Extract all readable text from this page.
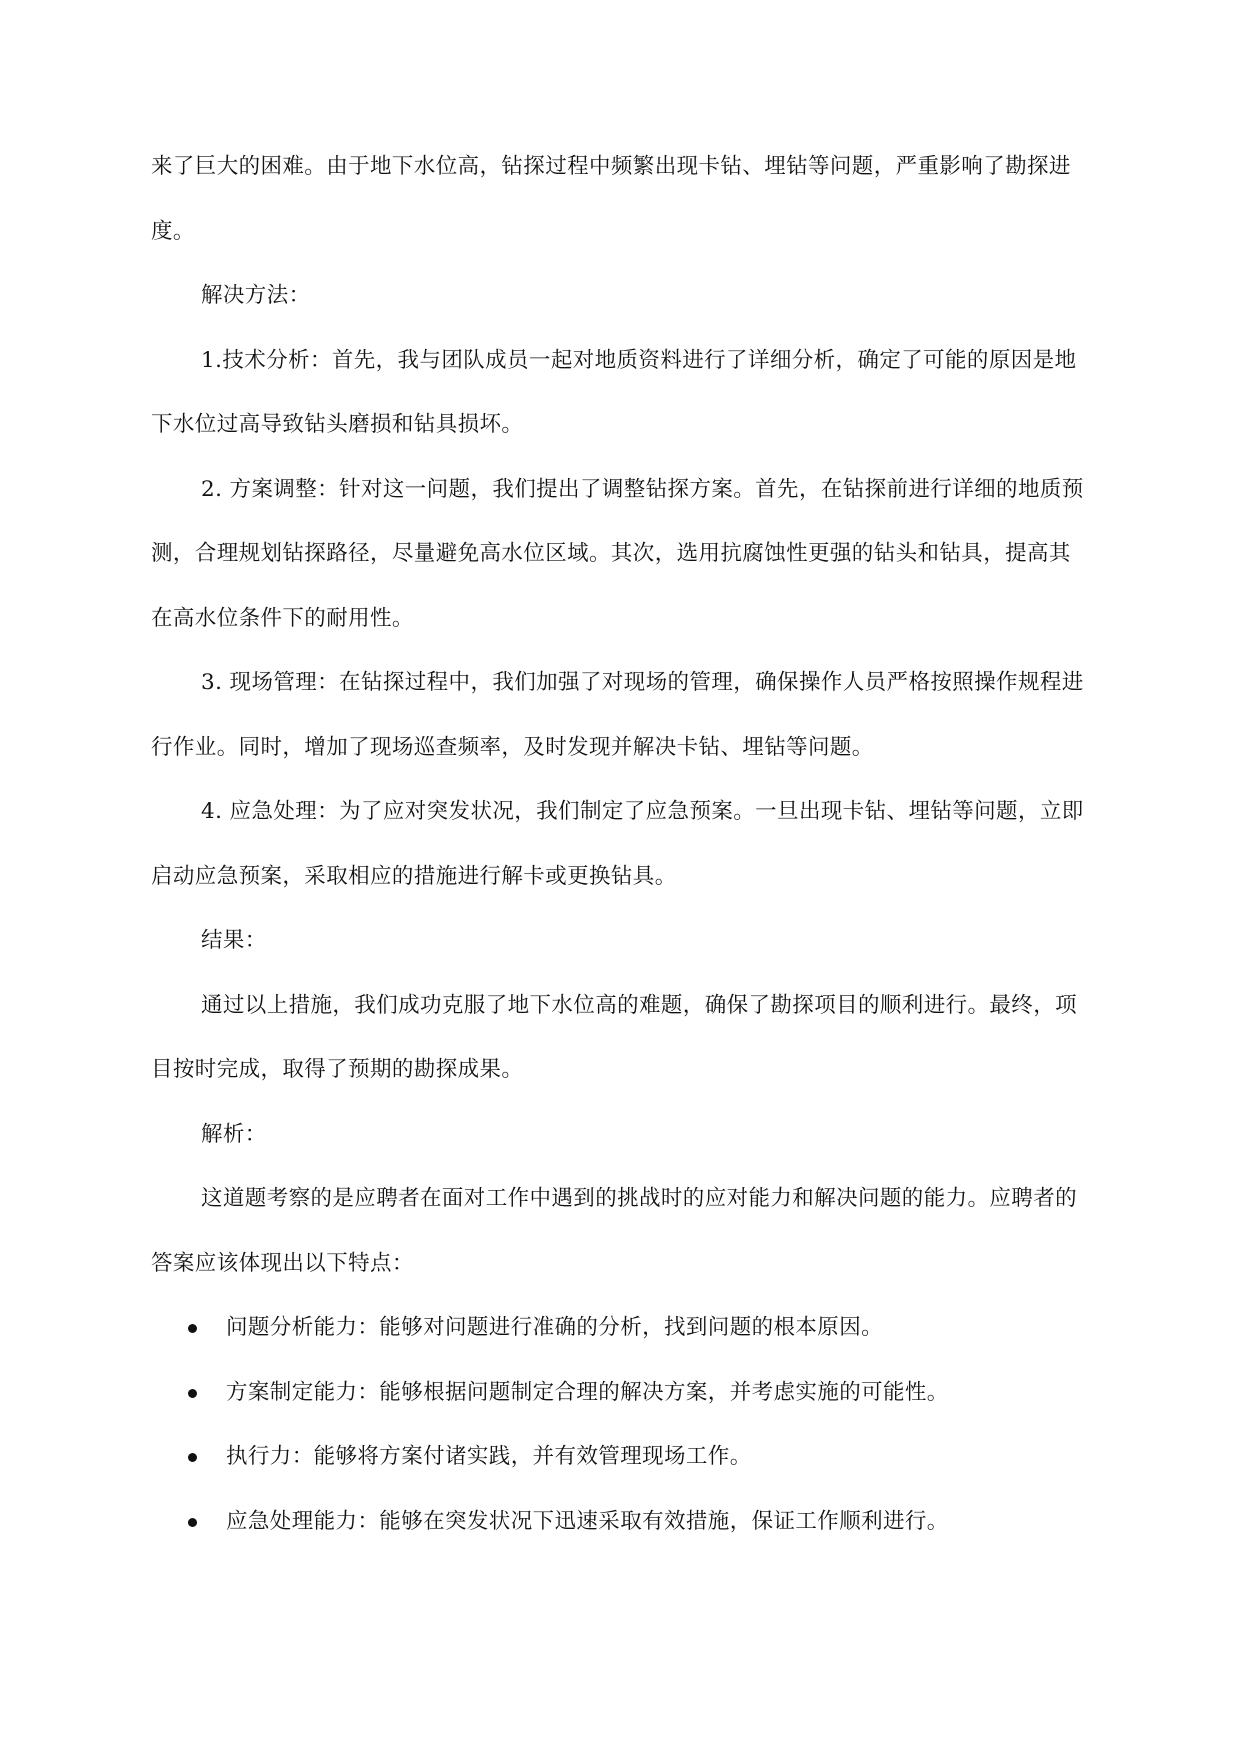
来了巨大的困难。由于地下水位高，钻探过程中频繁出现卡钻、埋钻等问题，严重影响了勘探进度。

解决方法：

1.技术分析：首先，我与团队成员一起对地质资料进行了详细分析，确定了可能的原因是地下水位过高导致钻头磨损和钻具损坏。

2. 方案调整：针对这一问题，我们提出了调整钻探方案。首先，在钻探前进行详细的地质预测，合理规划钻探路径，尽量避免高水位区域。其次，选用抗腐蚀性更强的钻头和钻具，提高其在高水位条件下的耐用性。

3. 现场管理：在钻探过程中，我们加强了对现场的管理，确保操作人员严格按照操作规程进行作业。同时，增加了现场巡查频率，及时发现并解决卡钻、埋钻等问题。

4. 应急处理：为了应对突发状况，我们制定了应急预案。一旦出现卡钻、埋钻等问题，立即启动应急预案，采取相应的措施进行解卡或更换钻具。

结果：

通过以上措施，我们成功克服了地下水位高的难题，确保了勘探项目的顺利进行。最终，项目按时完成，取得了预期的勘探成果。

解析：

这道题考察的是应聘者在面对工作中遇到的挑战时的应对能力和解决问题的能力。应聘者的答案应该体现出以下特点：

问题分析能力：能够对问题进行准确的分析，找到问题的根本原因。
方案制定能力：能够根据问题制定合理的解决方案，并考虑实施的可能性。
执行力：能够将方案付诸实践，并有效管理现场工作。
应急处理能力：能够在突发状况下迅速采取有效措施，保证工作顺利进行。
